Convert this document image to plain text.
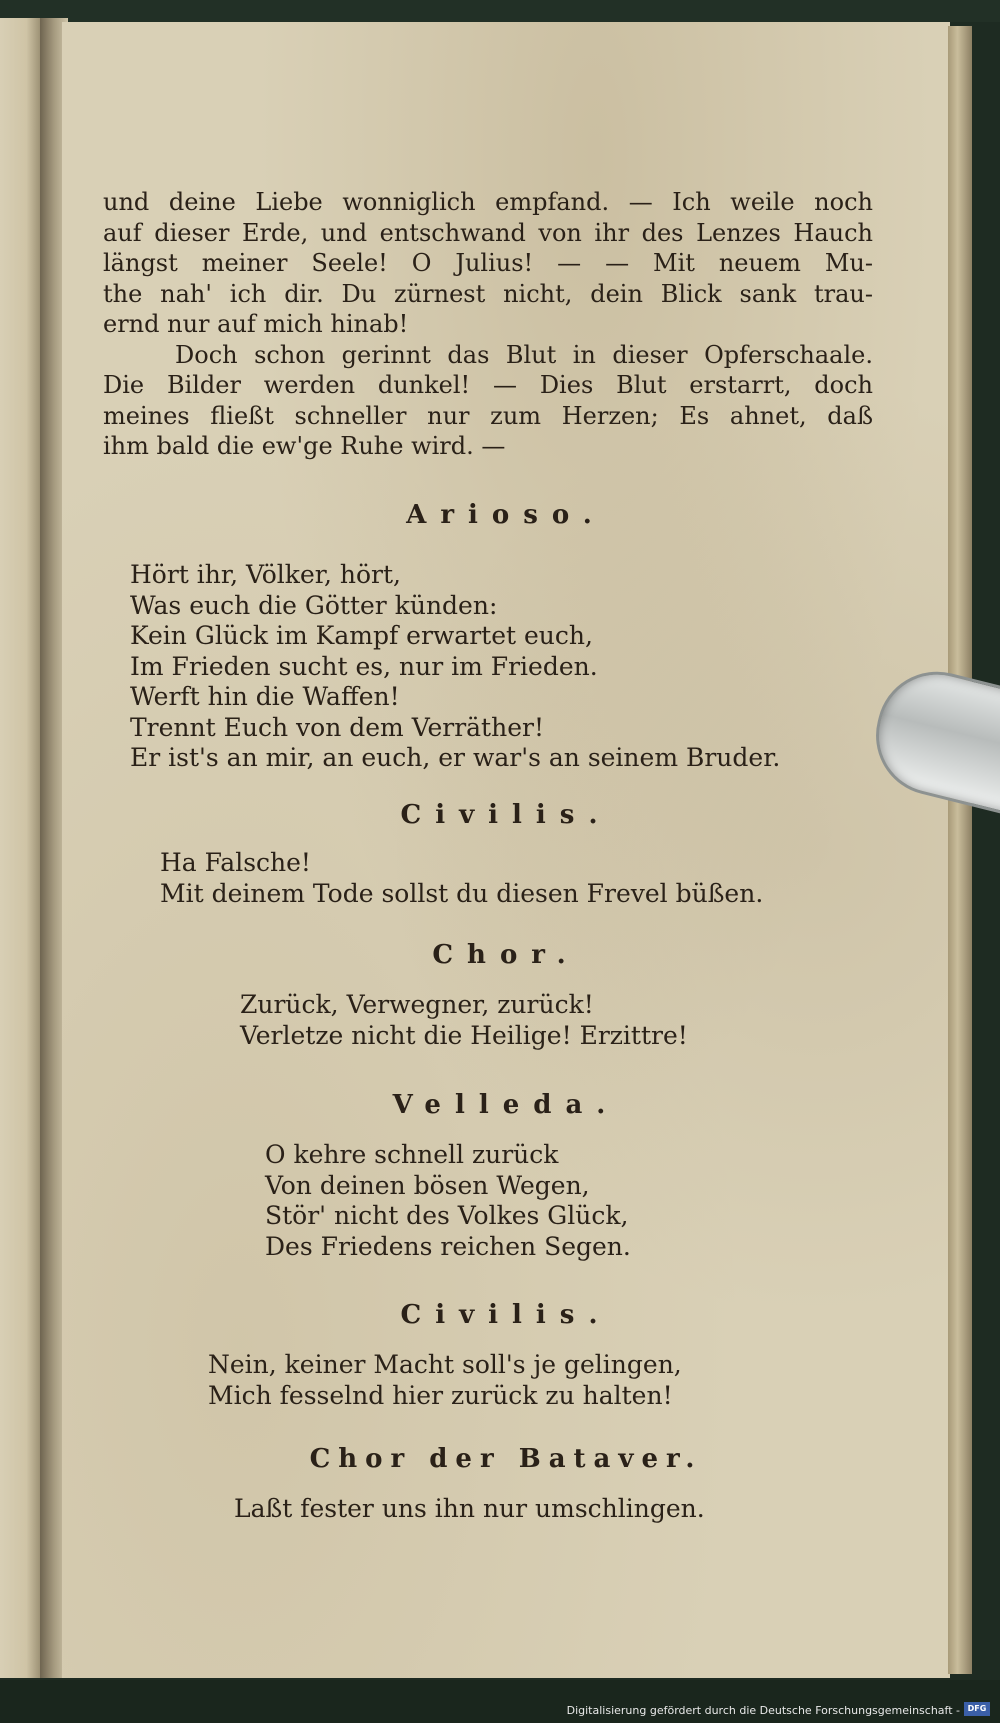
und deine Liebe wonniglich empfand. — Ich weile noch
auf dieser Erde, und entschwand von ihr des Lenzes Hauch
längst meiner Seele! O Julius! — — Mit neuem Mu-
the nah' ich dir. Du zürnest nicht, dein Blick sank trau-
ernd nur auf mich hinab!
Doch schon gerinnt das Blut in dieser Opferschaale.
Die Bilder werden dunkel! — Dies Blut erstarrt, doch
meines fließt schneller nur zum Herzen; Es ahnet, daß
ihm bald die ew'ge Ruhe wird. —
Arioso.
Hört ihr, Völker, hört,
Was euch die Götter künden:
Kein Glück im Kampf erwartet euch,
Im Frieden sucht es, nur im Frieden.
Werft hin die Waffen!
Trennt Euch von dem Verräther!
Er ist's an mir, an euch, er war's an seinem Bruder.
Civilis.
Ha Falsche!
Mit deinem Tode sollst du diesen Frevel büßen.
Chor.
Zurück, Verwegner, zurück!
Verletze nicht die Heilige! Erzittre!
Velleda.
O kehre schnell zurück
Von deinen bösen Wegen,
Stör' nicht des Volkes Glück,
Des Friedens reichen Segen.
Civilis.
Nein, keiner Macht soll's je gelingen,
Mich fesselnd hier zurück zu halten!
Chor der Bataver.
Laßt fester uns ihn nur umschlingen.
Digitalisierung gefördert durch die Deutsche Forschungsgemeinschaft - DFG
